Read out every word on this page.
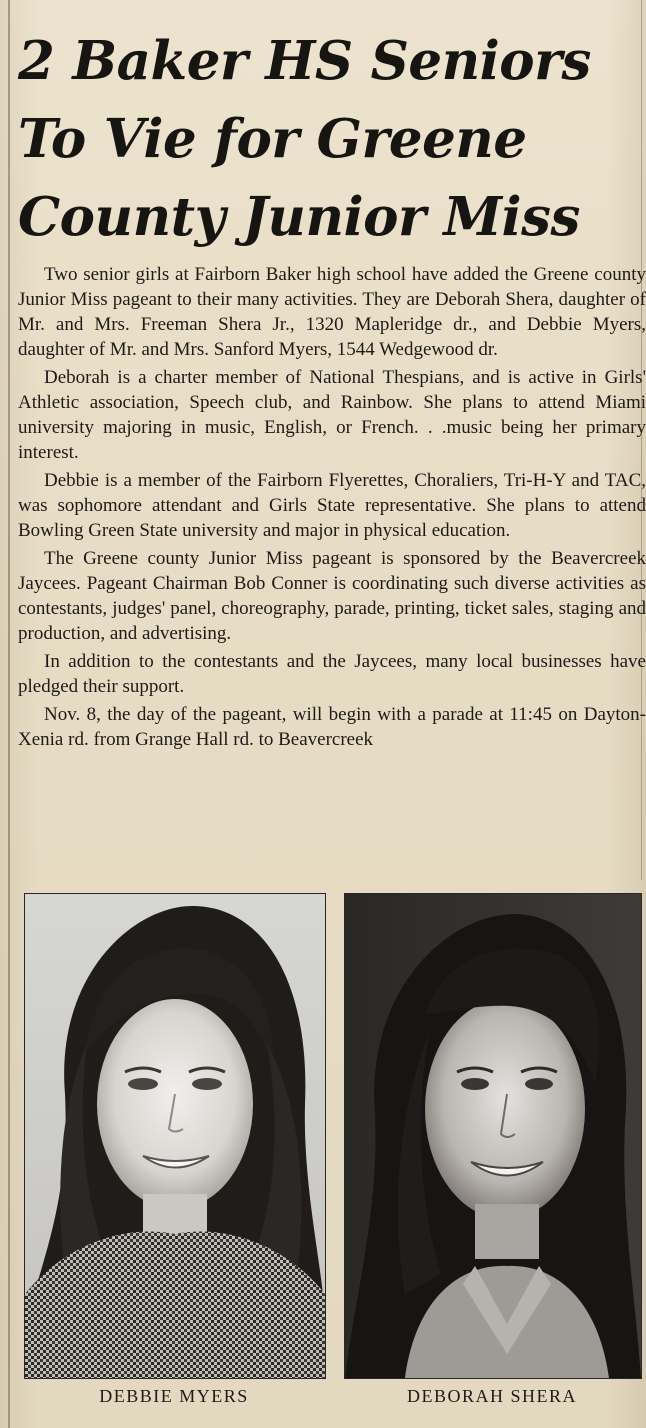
2 Baker HS Seniors
To Vie for Greene
County Junior Miss

Two senior girls at Fairborn Baker high school have added the Greene county Junior Miss pageant to their many activities. They are Deborah Shera, daughter of Mr. and Mrs. Freeman Shera Jr., 1320 Mapleridge dr., and Debbie Myers, daughter of Mr. and Mrs. Sanford Myers, 1544 Wedgewood dr.

Deborah is a charter member of National Thespians, and is active in Girls' Athletic association, Speech club, and Rainbow. She plans to attend Miami university majoring in music, English, or French. . .music being her primary interest.

Debbie is a member of the Fairborn Flyerettes, Choraliers, Tri-H-Y and TAC, was sophomore attendant and Girls State representative. She plans to attend Bowling Green State university and major in physical education.

The Greene county Junior Miss pageant is sponsored by the Beavercreek Jaycees. Pageant Chairman Bob Conner is coordinating such diverse activities as contestants, judges' panel, choreography, parade, printing, ticket sales, staging and production, and advertising.

In addition to the contestants and the Jaycees, many local businesses have pledged their support.

Nov. 8, the day of the pageant, will begin with a parade at 11:45 on Dayton-Xenia rd. from Grange Hall rd. to Beavercreek

DEBBIE MYERS	DEBORAH SHERA
